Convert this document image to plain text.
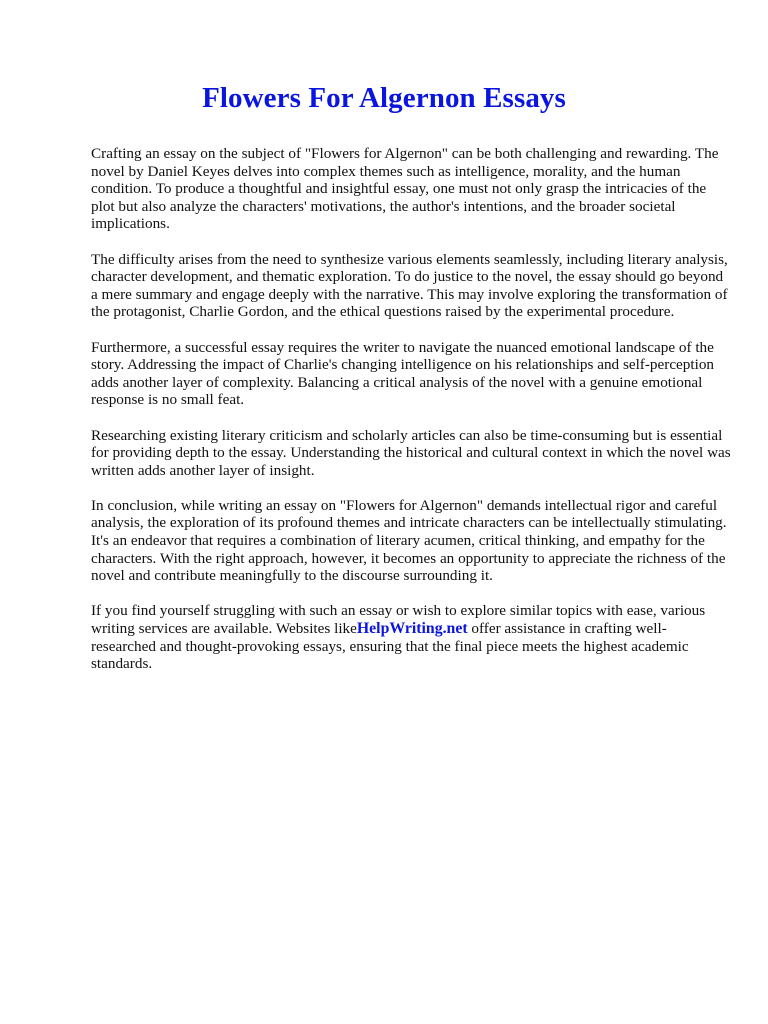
Flowers For Algernon Essays

Crafting an essay on the subject of "Flowers for Algernon" can be both challenging and rewarding. The novel by Daniel Keyes delves into complex themes such as intelligence, morality, and the human condition. To produce a thoughtful and insightful essay, one must not only grasp the intricacies of the plot but also analyze the characters' motivations, the author's intentions, and the broader societal implications.

The difficulty arises from the need to synthesize various elements seamlessly, including literary analysis, character development, and thematic exploration. To do justice to the novel, the essay should go beyond a mere summary and engage deeply with the narrative. This may involve exploring the transformation of the protagonist, Charlie Gordon, and the ethical questions raised by the experimental procedure.

Furthermore, a successful essay requires the writer to navigate the nuanced emotional landscape of the story. Addressing the impact of Charlie's changing intelligence on his relationships and self-perception adds another layer of complexity. Balancing a critical analysis of the novel with a genuine emotional response is no small feat.

Researching existing literary criticism and scholarly articles can also be time-consuming but is essential for providing depth to the essay. Understanding the historical and cultural context in which the novel was written adds another layer of insight.

In conclusion, while writing an essay on "Flowers for Algernon" demands intellectual rigor and careful analysis, the exploration of its profound themes and intricate characters can be intellectually stimulating. It's an endeavor that requires a combination of literary acumen, critical thinking, and empathy for the characters. With the right approach, however, it becomes an opportunity to appreciate the richness of the novel and contribute meaningfully to the discourse surrounding it.

If you find yourself struggling with such an essay or wish to explore similar topics with ease, various writing services are available. Websites likeHelpWriting.net offer assistance in crafting well-researched and thought-provoking essays, ensuring that the final piece meets the highest academic standards.
